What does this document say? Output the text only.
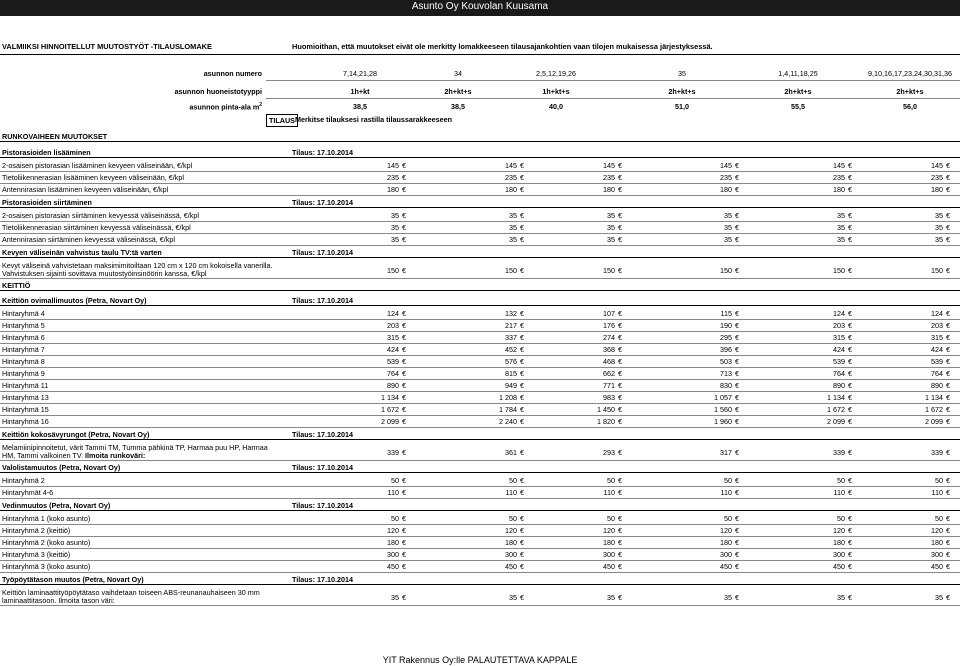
Asunto Oy Kouvolan Kuusama
VALMIIKSI HINNOITELLUT MUUTOSTYÖT -TILAUSLOMAKE	Huomioithan, että muutokset eivät ole merkitty lomakkeeseen tilausajankohtien vaan tilojen mukaisessa järjestyksessä.
asunnon numero	7,14,21,28	34	2,5,12,19,26	35	1,4,11,18,25	9,10,16,17,23,24,30,31,36
asunnon huoneistotyyppi	1h+kt	2h+kt+s	1h+kt+s	2h+kt+s	2h+kt+s	2h+kt+s
asunnon pinta-ala $m^2$	38,5	38,5	40,0	51,0	55,5	56,0
TILAUS Merkitse tilauksesi rastilla tilaussarakkeeseen
RUNKOVAIHEEN MUUTOKSET
Pistorasioiden lisääminen	Tilaus: 17.10.2014
2-osaisen pistorasian lisääminen kevyeen väliseinään, €/kpl	145 €	145 €	145 €	145 €	145 €	145 €
Tietoliikennerasian lisääminen kevyeen väliseinään, €/kpl	235 €	235 €	235 €	235 €	235 €	235 €
Antennirasian lisääminen kevyeen väliseinään, €/kpl	180 €	180 €	180 €	180 €	180 €	180 €
Pistorasioiden siirtäminen	Tilaus: 17.10.2014
2-osaisen pistorasian siirtäminen kevyessä väliseinässä, €/kpl	35 €	35 €	35 €	35 €	35 €	35 €
Tietoliikennerasian siirtäminen kevyessä väliseinässä, €/kpl	35 €	35 €	35 €	35 €	35 €	35 €
Antennirasian siirtäminen kevyessä väliseinässä, €/kpl	35 €	35 €	35 €	35 €	35 €	35 €
Kevyen väliseinän vahvistus taulu TV:tä varten	Tilaus: 17.10.2014
Kevyt väliseinä vahvistetaan maksimimitoiltaan 120 cm x 120 cm kokoisella vanerilla.
Vahvistuksen sijainti sovittava muutostyöinsinöörin kanssa, €/kpl	150 €	150 €	150 €	150 €	150 €	150 €
KEITTIÖ
Keittiön ovimallimuutos (Petra, Novart Oy)	Tilaus: 17.10.2014
Hintaryhmä 4	124 €	132 €	107 €	115 €	124 €	124 €
Hintaryhmä 5	203 €	217 €	176 €	190 €	203 €	203 €
Hintaryhmä 6	315 €	337 €	274 €	295 €	315 €	315 €
Hintaryhmä 7	424 €	452 €	368 €	396 €	424 €	424 €
Hintaryhmä 8	539 €	576 €	468 €	503 €	539 €	539 €
Hintaryhmä 9	764 €	815 €	662 €	713 €	764 €	764 €
Hintaryhmä 11	890 €	949 €	771 €	830 €	890 €	890 €
Hintaryhmä 13	1 134 €	1 208 €	983 €	1 057 €	1 134 €	1 134 €
Hintaryhmä 15	1 672 €	1 784 €	1 450 €	1 560 €	1 672 €	1 672 €
Hintaryhmä 16	2 099 €	2 240 €	1 820 €	1 960 €	2 099 €	2 099 €
Keittiön kokosävyrungot (Petra, Novart Oy)	Tilaus: 17.10.2014
Melamiinipinnoitetut, värit Tammi TM, Tumma pähkinä TP, Harmaa puu HP, Harmaa
HM, Tammi valkoinen TV. Ilmoita runkoväri:	339 €	361 €	293 €	317 €	339 €	339 €
Valolistamuutos (Petra, Novart Oy)	Tilaus: 17.10.2014
Hintaryhmä 2	50 €	50 €	50 €	50 €	50 €	50 €
Hintaryhmät 4-6	110 €	110 €	110 €	110 €	110 €	110 €
Vedinmuutos (Petra, Novart Oy)	Tilaus: 17.10.2014
Hintaryhmä 1 (koko asunto)	50 €	50 €	50 €	50 €	50 €	50 €
Hintaryhmä 2 (keittiö)	120 €	120 €	120 €	120 €	120 €	120 €
Hintaryhmä 2 (koko asunto)	180 €	180 €	180 €	180 €	180 €	180 €
Hintaryhmä 3 (keittiö)	300 €	300 €	300 €	300 €	300 €	300 €
Hintaryhmä 3 (koko asunto)	450 €	450 €	450 €	450 €	450 €	450 €
Työpöytätason muutos (Petra, Novart Oy)	Tilaus: 17.10.2014
Keittiön laminaattityöpöytätaso vaihdetaan toiseen ABS-reunanauhaiseen 30 mm
laminaattitasoon. Ilmoita tason väri:	35 €	35 €	35 €	35 €	35 €	35 €
YIT Rakennus Oy:lle PALAUTETTAVA KAPPALE
